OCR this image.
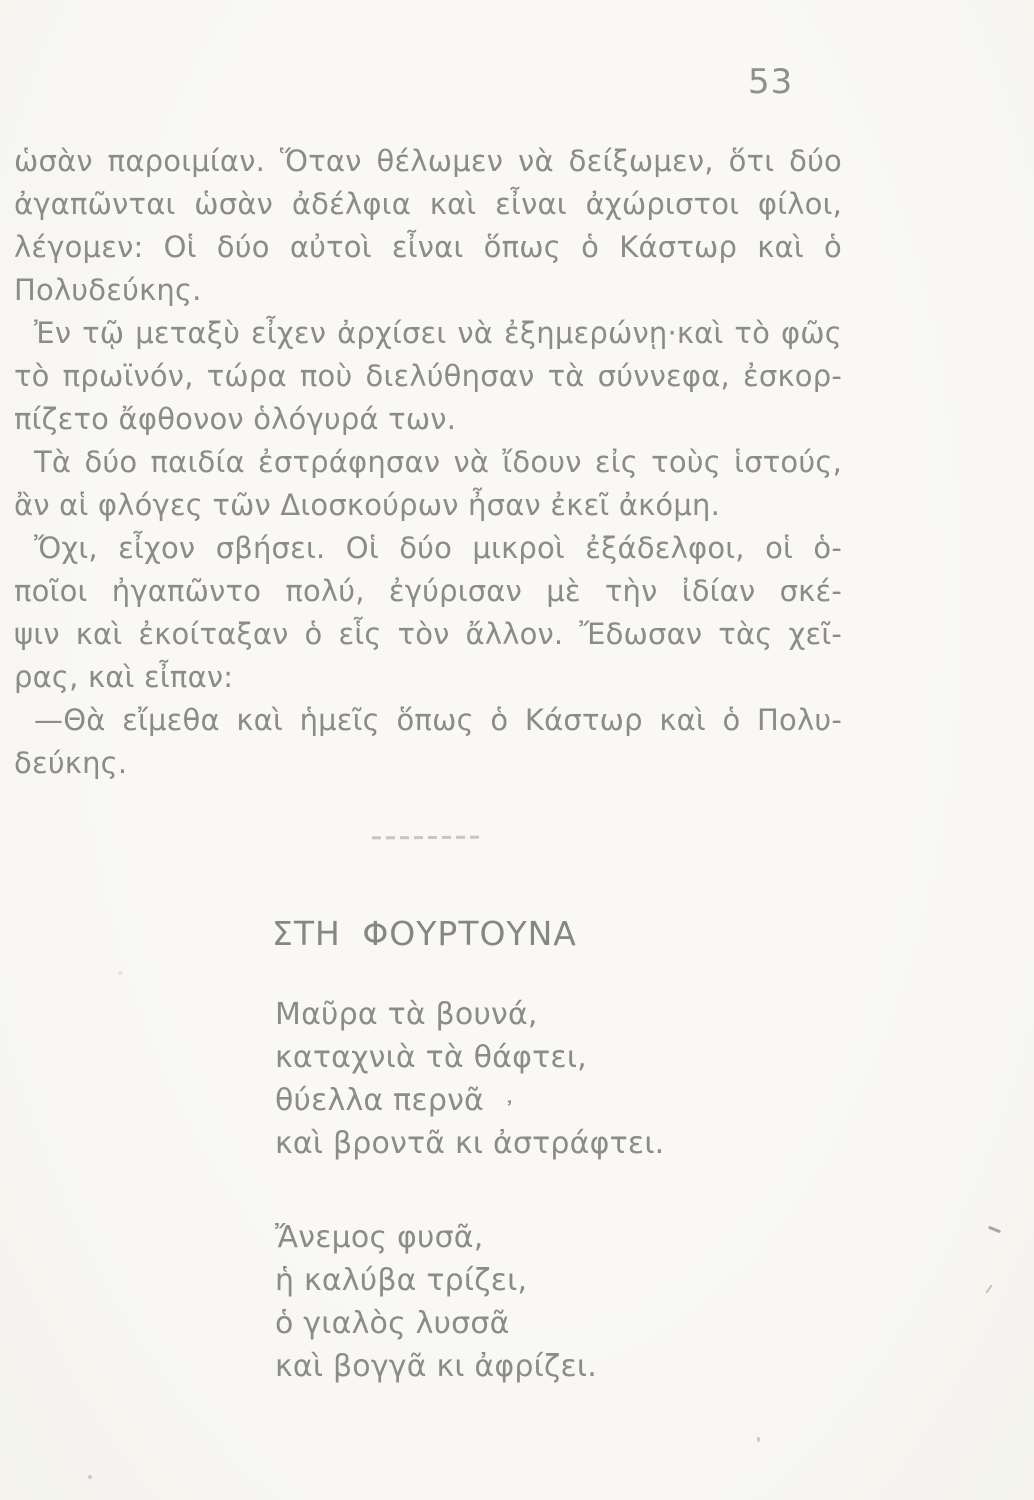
53
ὡσὰν παροιμίαν. Ὅταν θέλωμεν νὰ δείξωμεν, ὅτι δύο
ἀγαπῶνται ὡσὰν ἀδέλφια καὶ εἶναι ἀχώριστοι φίλοι,
λέγομεν: Οἱ δύο αὐτοὶ εἶναι ὅπως ὁ Κάστωρ καὶ ὁ
Πολυδεύκης.
Ἐν τῷ μεταξὺ εἶχεν ἀρχίσει νὰ ἐξημερώνῃ·καὶ τὸ φῶς
τὸ πρωϊνόν, τώρα ποὺ διελύθησαν τὰ σύννεφα, ἐσκορ-
πίζετο ἄφθονον ὁλόγυρά των.
Τὰ δύο παιδία ἐστράφησαν νὰ ἴδουν εἰς τοὺς ἱστούς,
ἂν αἱ φλόγες τῶν Διοσκούρων ἦσαν ἐκεῖ ἀκόμη.
Ὄχι, εἶχον σβήσει. Οἱ δύο μικροὶ ἐξάδελφοι, οἱ ὁ-
ποῖοι ἠγαπῶντο πολύ, ἐγύρισαν μὲ τὴν ἰδίαν σκέ-
ψιν καὶ ἐκοίταξαν ὁ εἷς τὸν ἄλλον. Ἔδωσαν τὰς χεῖ-
ρας, καὶ εἶπαν:
—Θὰ εἴμεθα καὶ ἡμεῖς ὅπως ὁ Κάστωρ καὶ ὁ Πολυ-
δεύκης.
ΣΤΗ ΦΟΥΡΤΟΥΝΑ
Μαῦρα τὰ βουνά,
καταχνιὰ τὰ θάφτει,
θύελλα περνᾶ
καὶ βροντᾶ κι ἀστράφτει.
Ἄνεμος φυσᾶ,
ἡ καλύβα τρίζει,
ὁ γιαλὸς λυσσᾶ
καὶ βογγᾶ κι ἀφρίζει.
᾿
